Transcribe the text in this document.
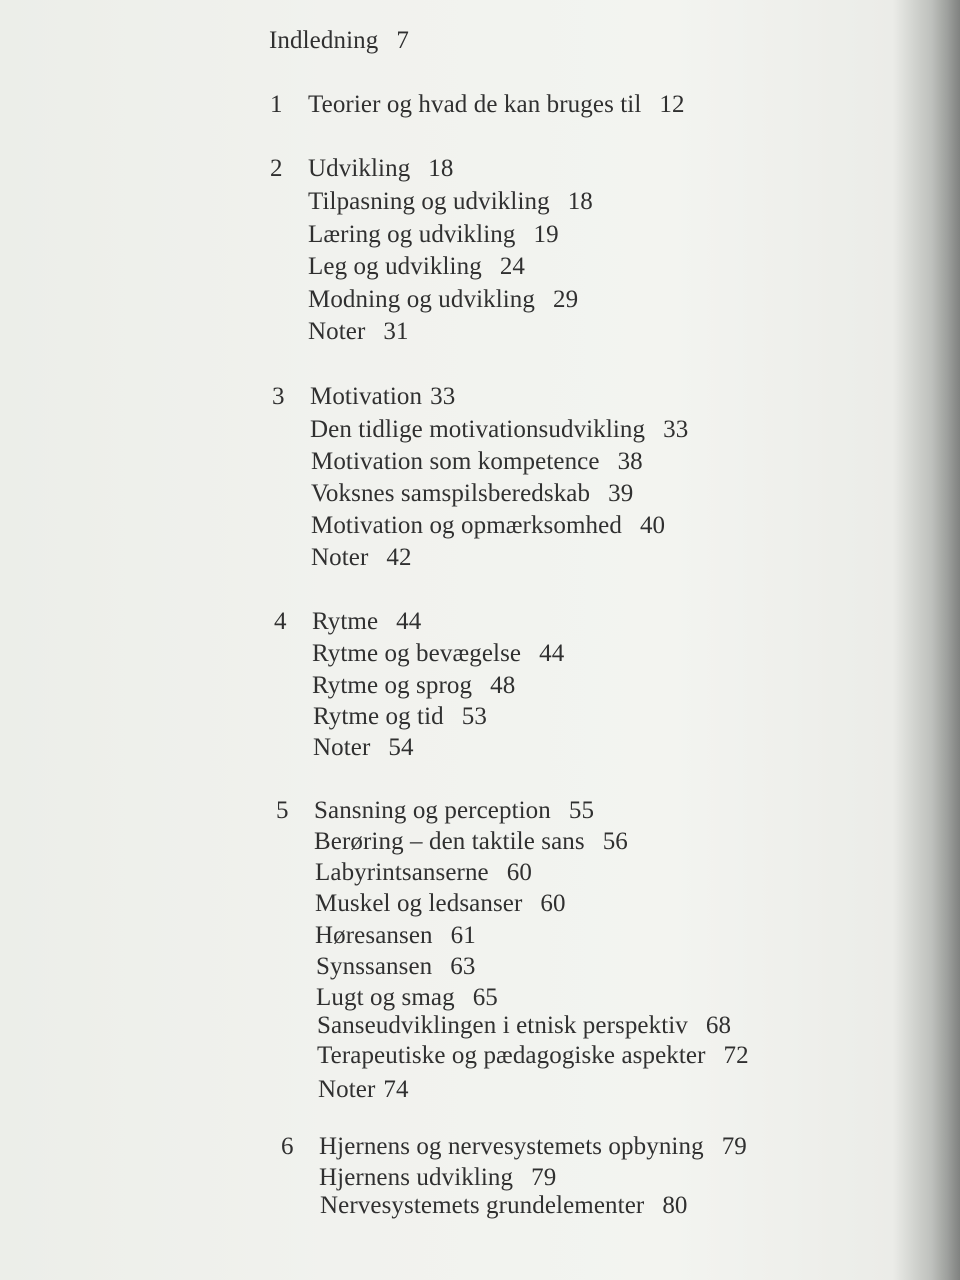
Indledning 7
1 Teorier og hvad de kan bruges til 12
2 Udvikling 18
Tilpasning og udvikling 18
Læring og udvikling 19
Leg og udvikling 24
Modning og udvikling 29
Noter 31
3 Motivation 33
Den tidlige motivationsudvikling 33
Motivation som kompetence 38
Voksnes samspilsberedskab 39
Motivation og opmærksomhed 40
Noter 42
4 Rytme 44
Rytme og bevægelse 44
Rytme og sprog 48
Rytme og tid 53
Noter 54
5 Sansning og perception 55
Berøring – den taktile sans 56
Labyrintsanserne 60
Muskel og ledsanser 60
Høresansen 61
Synssansen 63
Lugt og smag 65
Sanseudviklingen i etnisk perspektiv 68
Terapeutiske og pædagogiske aspekter 72
Noter 74
6 Hjernens og nervesystemets opbyning 79
Hjernens udvikling 79
Nervesystemets grundelementer 80
